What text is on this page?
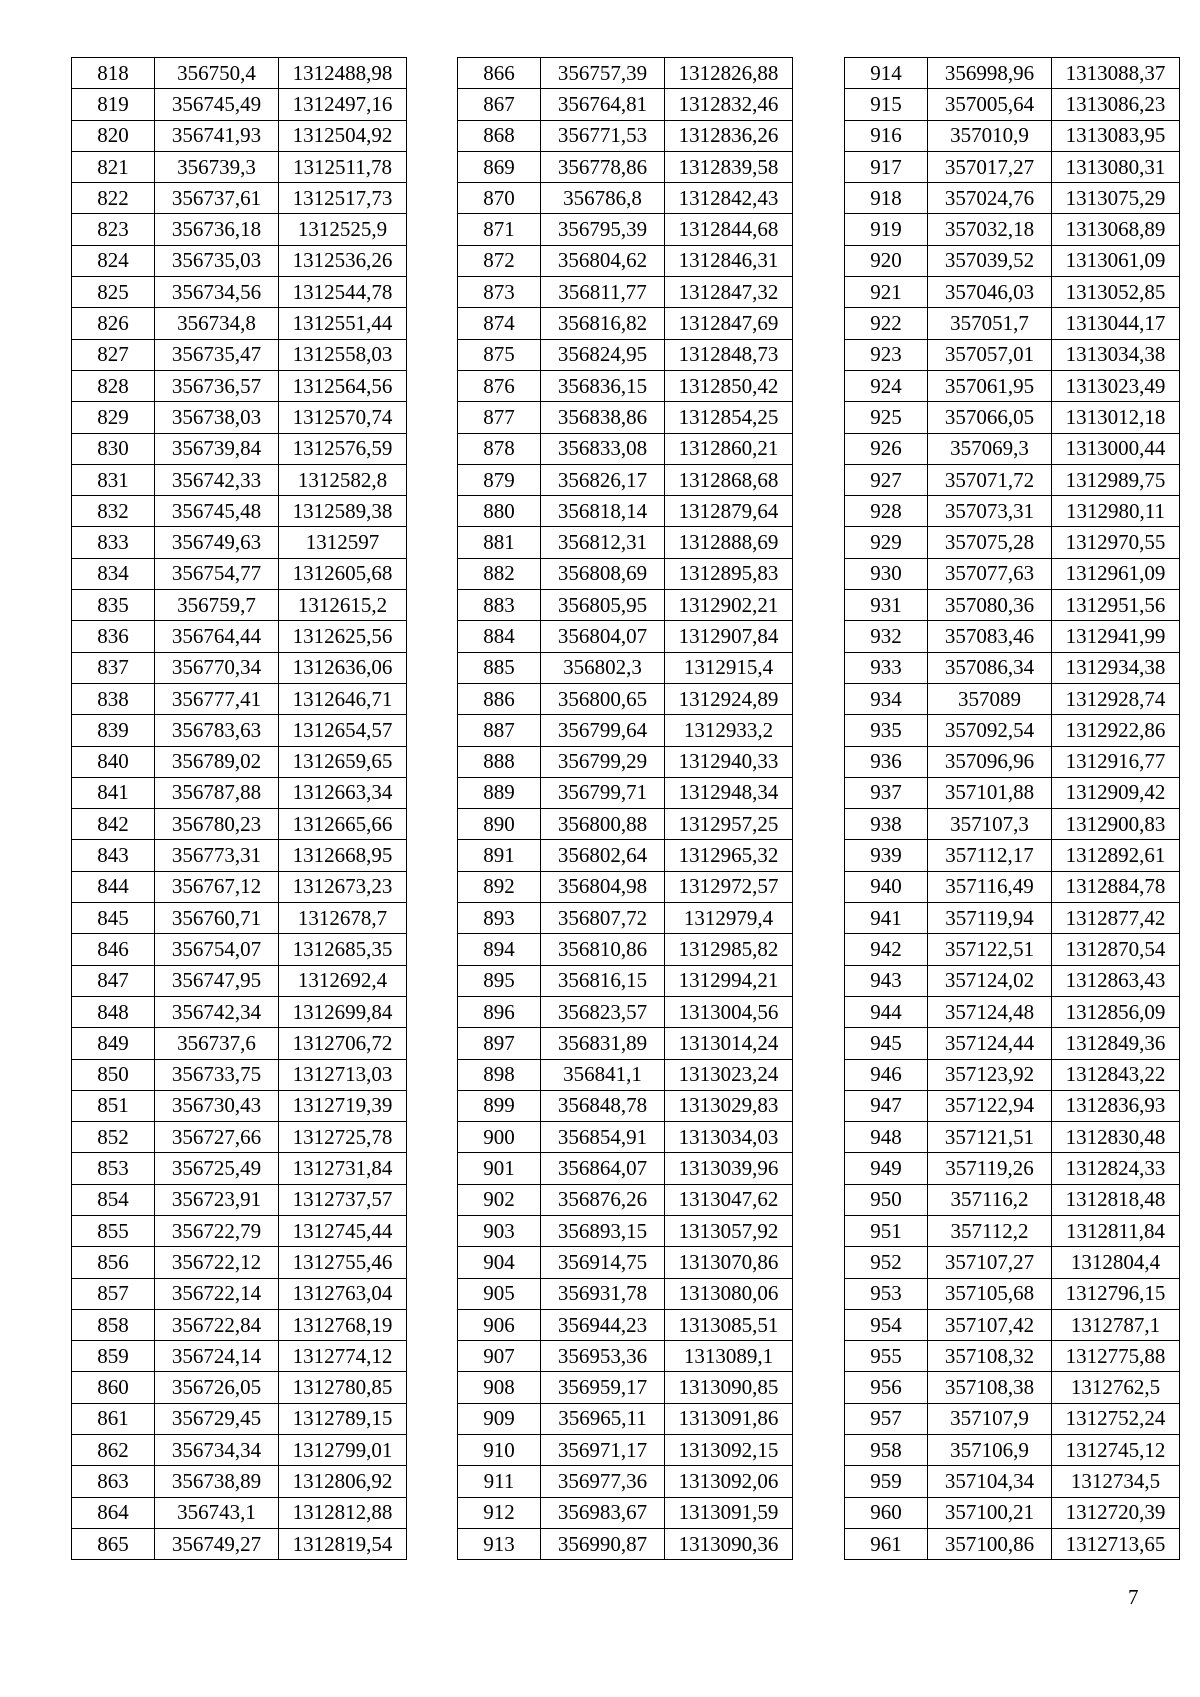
818	356750,4	1312488,98
819	356745,49	1312497,16
820	356741,93	1312504,92
821	356739,3	1312511,78
822	356737,61	1312517,73
823	356736,18	1312525,9
824	356735,03	1312536,26
825	356734,56	1312544,78
826	356734,8	1312551,44
827	356735,47	1312558,03
828	356736,57	1312564,56
829	356738,03	1312570,74
830	356739,84	1312576,59
831	356742,33	1312582,8
832	356745,48	1312589,38
833	356749,63	1312597
834	356754,77	1312605,68
835	356759,7	1312615,2
836	356764,44	1312625,56
837	356770,34	1312636,06
838	356777,41	1312646,71
839	356783,63	1312654,57
840	356789,02	1312659,65
841	356787,88	1312663,34
842	356780,23	1312665,66
843	356773,31	1312668,95
844	356767,12	1312673,23
845	356760,71	1312678,7
846	356754,07	1312685,35
847	356747,95	1312692,4
848	356742,34	1312699,84
849	356737,6	1312706,72
850	356733,75	1312713,03
851	356730,43	1312719,39
852	356727,66	1312725,78
853	356725,49	1312731,84
854	356723,91	1312737,57
855	356722,79	1312745,44
856	356722,12	1312755,46
857	356722,14	1312763,04
858	356722,84	1312768,19
859	356724,14	1312774,12
860	356726,05	1312780,85
861	356729,45	1312789,15
862	356734,34	1312799,01
863	356738,89	1312806,92
864	356743,1	1312812,88
865	356749,27	1312819,54
866	356757,39	1312826,88
867	356764,81	1312832,46
868	356771,53	1312836,26
869	356778,86	1312839,58
870	356786,8	1312842,43
871	356795,39	1312844,68
872	356804,62	1312846,31
873	356811,77	1312847,32
874	356816,82	1312847,69
875	356824,95	1312848,73
876	356836,15	1312850,42
877	356838,86	1312854,25
878	356833,08	1312860,21
879	356826,17	1312868,68
880	356818,14	1312879,64
881	356812,31	1312888,69
882	356808,69	1312895,83
883	356805,95	1312902,21
884	356804,07	1312907,84
885	356802,3	1312915,4
886	356800,65	1312924,89
887	356799,64	1312933,2
888	356799,29	1312940,33
889	356799,71	1312948,34
890	356800,88	1312957,25
891	356802,64	1312965,32
892	356804,98	1312972,57
893	356807,72	1312979,4
894	356810,86	1312985,82
895	356816,15	1312994,21
896	356823,57	1313004,56
897	356831,89	1313014,24
898	356841,1	1313023,24
899	356848,78	1313029,83
900	356854,91	1313034,03
901	356864,07	1313039,96
902	356876,26	1313047,62
903	356893,15	1313057,92
904	356914,75	1313070,86
905	356931,78	1313080,06
906	356944,23	1313085,51
907	356953,36	1313089,1
908	356959,17	1313090,85
909	356965,11	1313091,86
910	356971,17	1313092,15
911	356977,36	1313092,06
912	356983,67	1313091,59
913	356990,87	1313090,36
914	356998,96	1313088,37
915	357005,64	1313086,23
916	357010,9	1313083,95
917	357017,27	1313080,31
918	357024,76	1313075,29
919	357032,18	1313068,89
920	357039,52	1313061,09
921	357046,03	1313052,85
922	357051,7	1313044,17
923	357057,01	1313034,38
924	357061,95	1313023,49
925	357066,05	1313012,18
926	357069,3	1313000,44
927	357071,72	1312989,75
928	357073,31	1312980,11
929	357075,28	1312970,55
930	357077,63	1312961,09
931	357080,36	1312951,56
932	357083,46	1312941,99
933	357086,34	1312934,38
934	357089	1312928,74
935	357092,54	1312922,86
936	357096,96	1312916,77
937	357101,88	1312909,42
938	357107,3	1312900,83
939	357112,17	1312892,61
940	357116,49	1312884,78
941	357119,94	1312877,42
942	357122,51	1312870,54
943	357124,02	1312863,43
944	357124,48	1312856,09
945	357124,44	1312849,36
946	357123,92	1312843,22
947	357122,94	1312836,93
948	357121,51	1312830,48
949	357119,26	1312824,33
950	357116,2	1312818,48
951	357112,2	1312811,84
952	357107,27	1312804,4
953	357105,68	1312796,15
954	357107,42	1312787,1
955	357108,32	1312775,88
956	357108,38	1312762,5
957	357107,9	1312752,24
958	357106,9	1312745,12
959	357104,34	1312734,5
960	357100,21	1312720,39
961	357100,86	1312713,65
7
